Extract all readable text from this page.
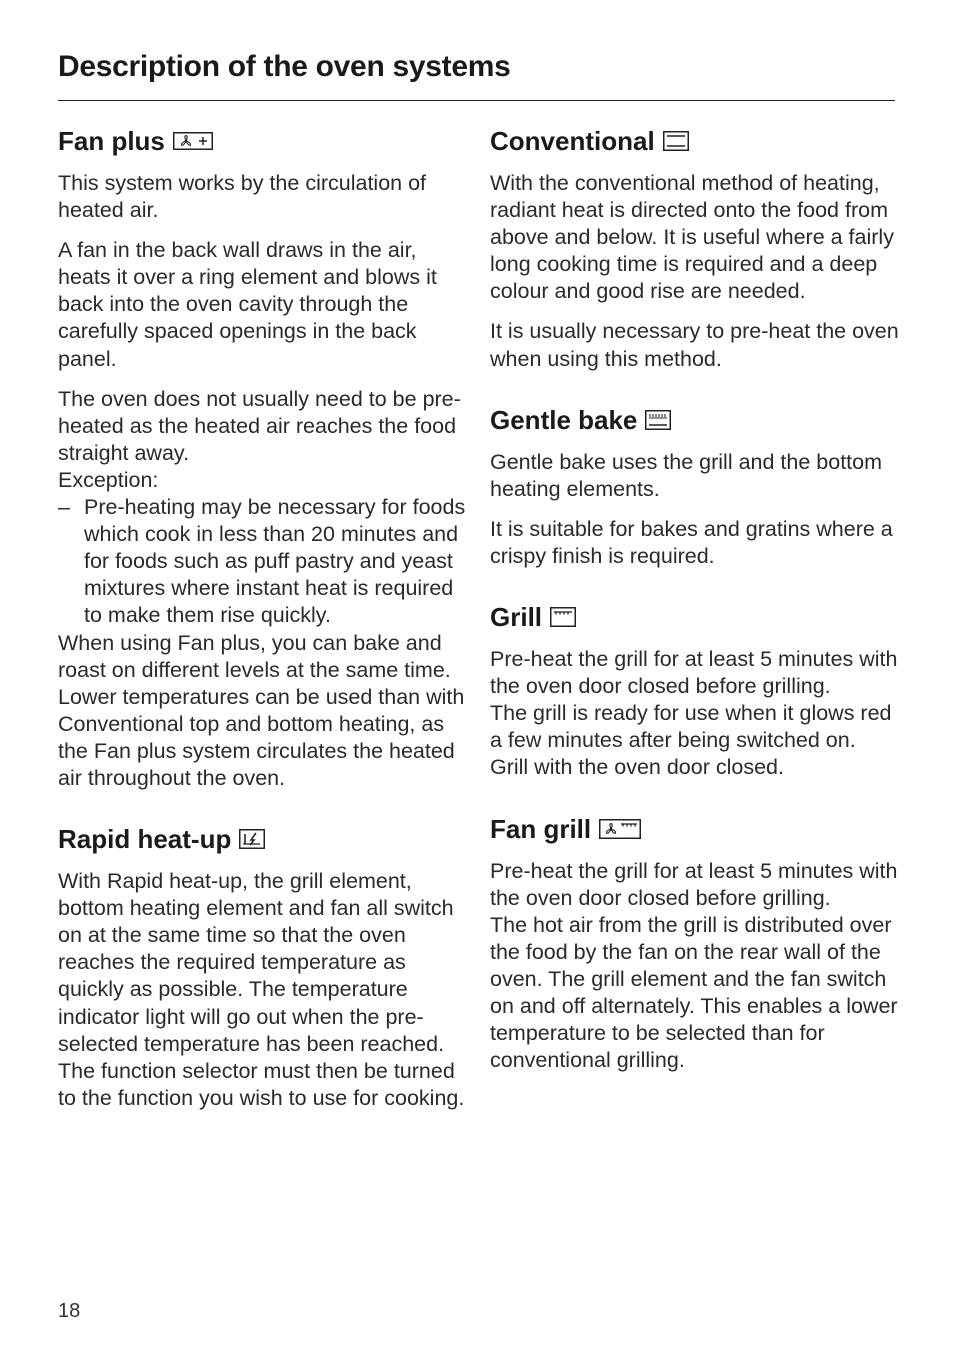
Description of the oven systems
Fan plus

This system works by the circulation of heated air.

A fan in the back wall draws in the air, heats it over a ring element and blows it back into the oven cavity through the carefully spaced openings in the back panel.

The oven does not usually need to be pre-heated as the heated air reaches the food straight away.

Exception:

– Pre-heating may be necessary for foods which cook in less than 20 minutes and for foods such as puff pastry and yeast mixtures where instant heat is required to make them rise quickly.

When using Fan plus, you can bake and roast on different levels at the same time.

Lower temperatures can be used than with Conventional top and bottom heating, as the Fan plus system circulates the heated air throughout the oven.

Rapid heat-up

With Rapid heat-up, the grill element, bottom heating element and fan all switch on at the same time so that the oven reaches the required temperature as quickly as possible. The temperature indicator light will go out when the pre-selected temperature has been reached. The function selector must then be turned to the function you wish to use for cooking.

Conventional

With the conventional method of heating, radiant heat is directed onto the food from above and below. It is useful where a fairly long cooking time is required and a deep colour and good rise are needed.

It is usually necessary to pre-heat the oven when using this method.

Gentle bake

Gentle bake uses the grill and the bottom heating elements.

It is suitable for bakes and gratins where a crispy finish is required.

Grill

Pre-heat the grill for at least 5 minutes with the oven door closed before grilling.

The grill is ready for use when it glows red a few minutes after being switched on.

Grill with the oven door closed.

Fan grill

Pre-heat the grill for at least 5 minutes with the oven door closed before grilling.

The hot air from the grill is distributed over the food by the fan on the rear wall of the oven. The grill element and the fan switch on and off alternately. This enables a lower temperature to be selected than for conventional grilling.

18
